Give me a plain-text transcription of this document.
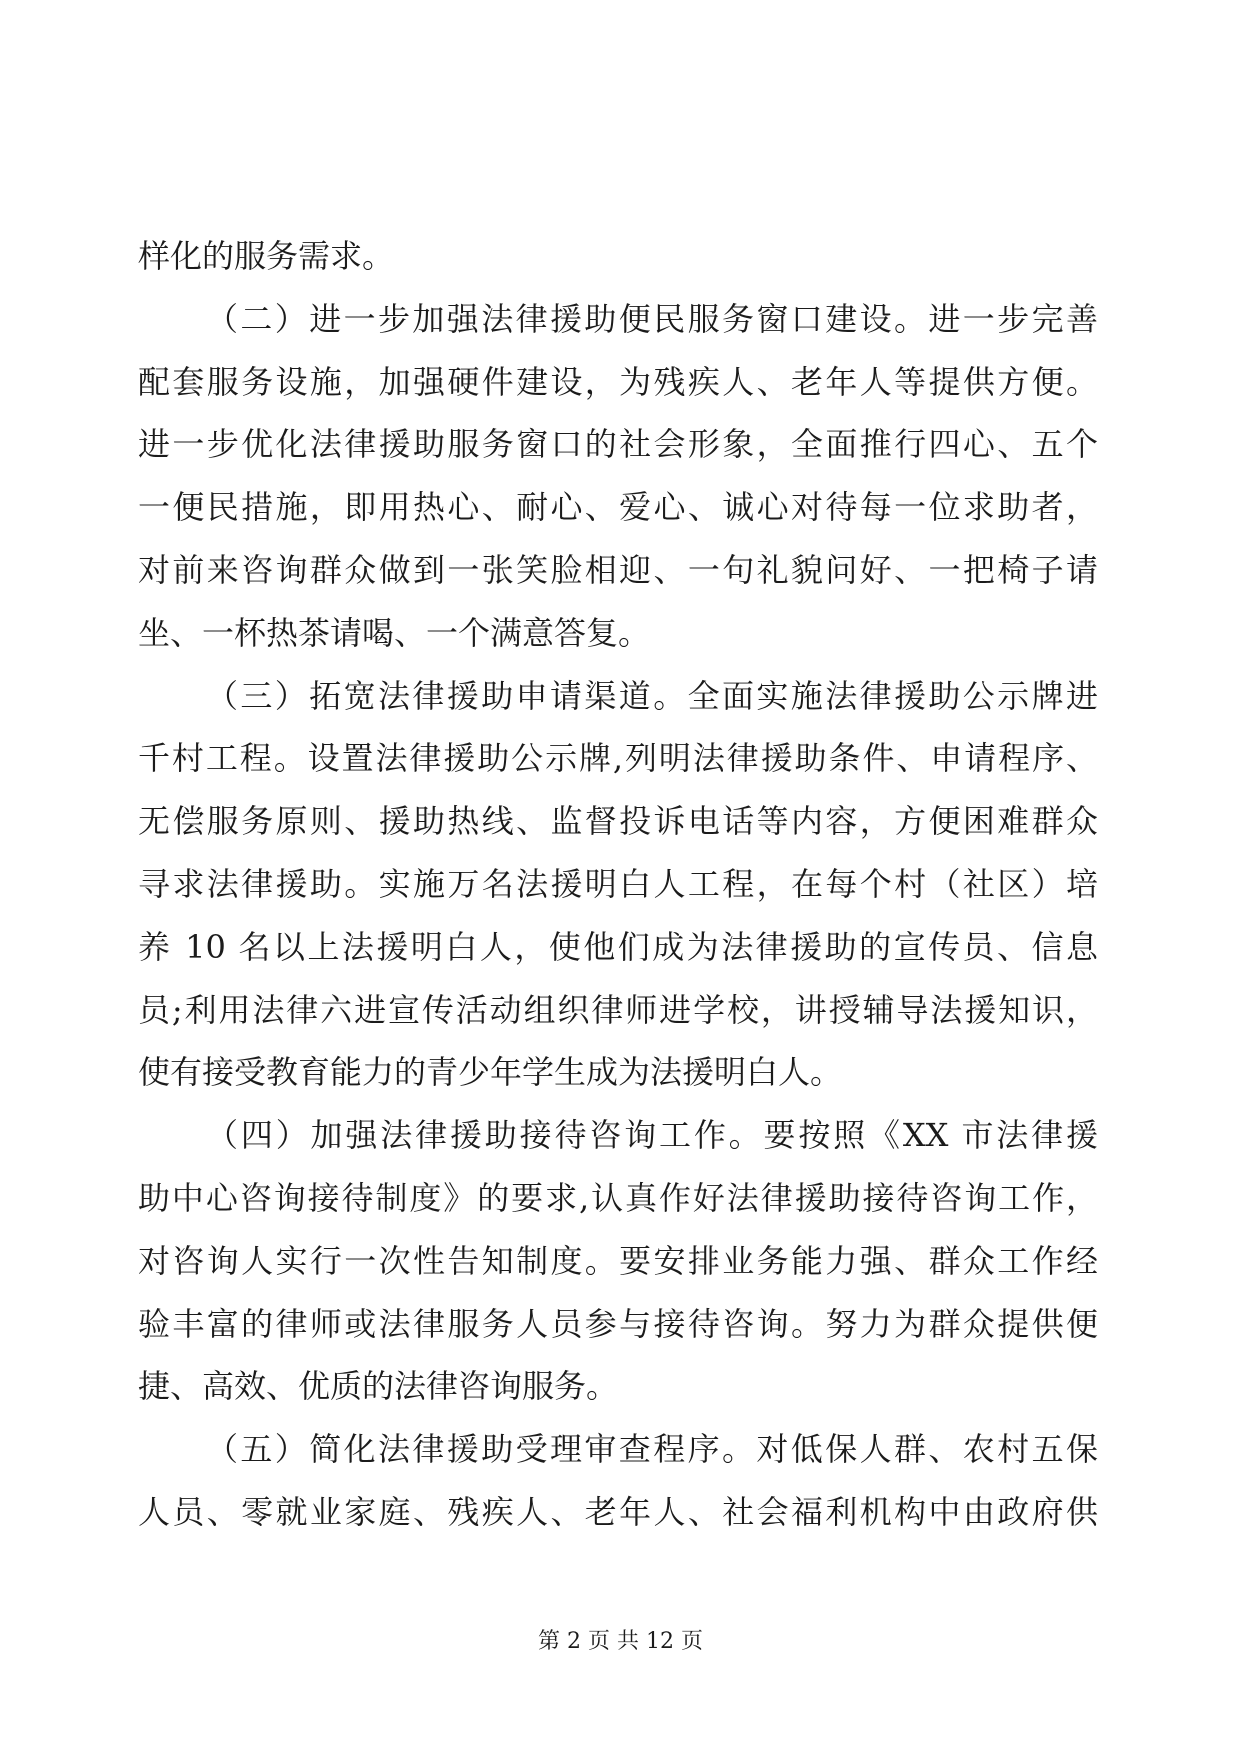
样化的服务需求。
（二）进一步加强法律援助便民服务窗口建设。进一步完善
配套服务设施，加强硬件建设，为残疾人、老年人等提供方便。
进一步优化法律援助服务窗口的社会形象，全面推行四心、五个
一便民措施，即用热心、耐心、爱心、诚心对待每一位求助者，
对前来咨询群众做到一张笑脸相迎、一句礼貌问好、一把椅子请
坐、一杯热茶请喝、一个满意答复。
（三）拓宽法律援助申请渠道。全面实施法律援助公示牌进
千村工程。设置法律援助公示牌,列明法律援助条件、申请程序、
无偿服务原则、援助热线、监督投诉电话等内容，方便困难群众
寻求法律援助。实施万名法援明白人工程，在每个村（社区）培
养 10 名以上法援明白人，使他们成为法律援助的宣传员、信息
员;利用法律六进宣传活动组织律师进学校，讲授辅导法援知识，
使有接受教育能力的青少年学生成为法援明白人。
（四）加强法律援助接待咨询工作。要按照《XX 市法律援
助中心咨询接待制度》的要求,认真作好法律援助接待咨询工作，
对咨询人实行一次性告知制度。要安排业务能力强、群众工作经
验丰富的律师或法律服务人员参与接待咨询。努力为群众提供便
捷、高效、优质的法律咨询服务。
（五）简化法律援助受理审查程序。对低保人群、农村五保
人员、零就业家庭、残疾人、老年人、社会福利机构中由政府供
第 2 页 共 12 页
